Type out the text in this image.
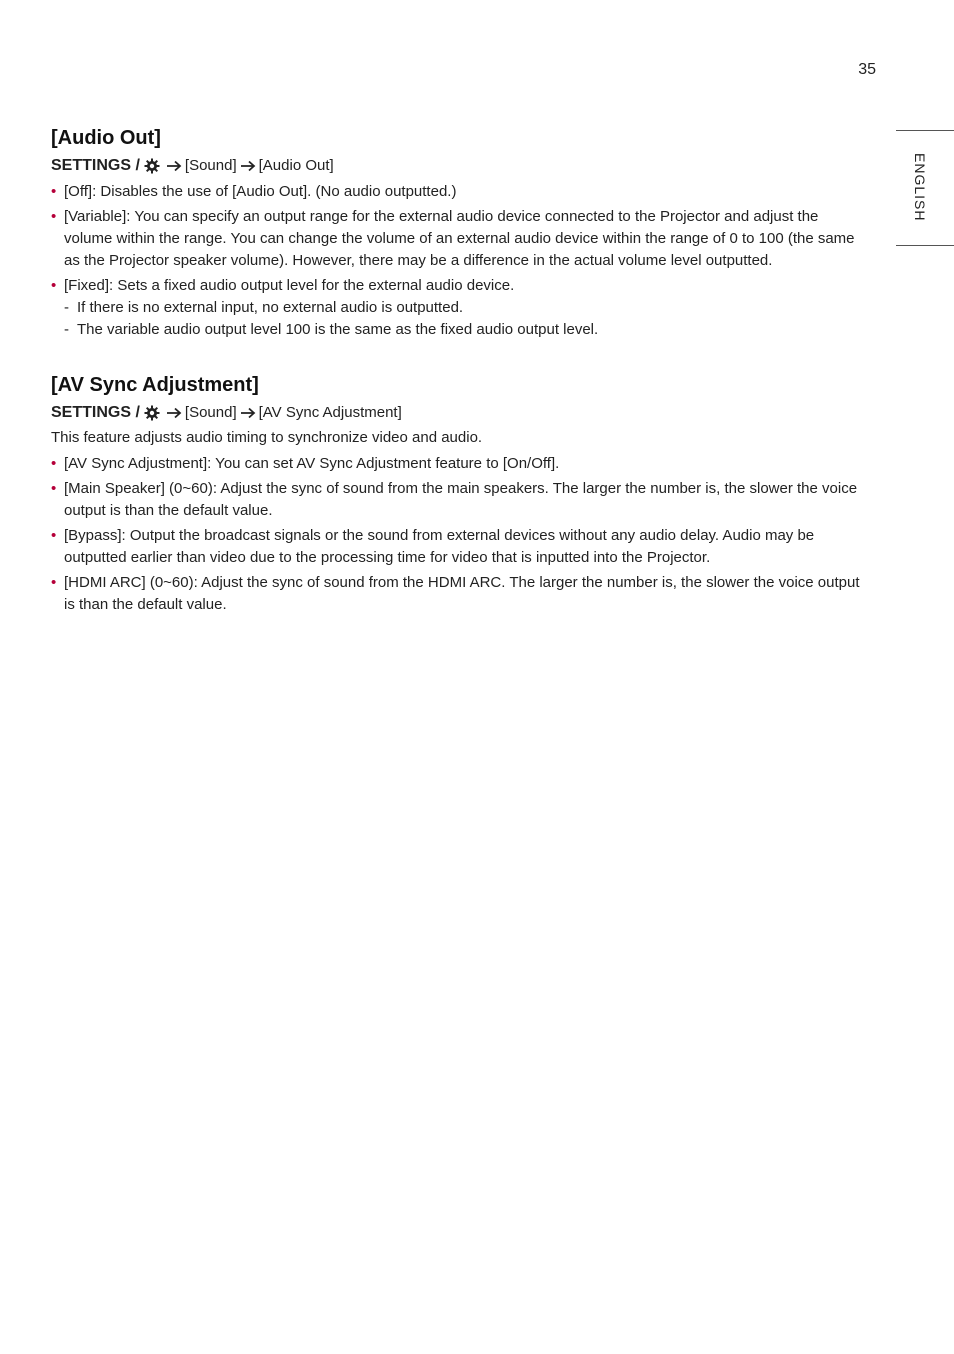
35
ENGLISH
[Audio Out]
SETTINGS /	[Sound] [Audio Out]
• [Off]: Disables the use of [Audio Out]. (No audio outputted.)
• [Variable]: You can specify an output range for the external audio device connected to the Projector and adjust the volume within the range. You can change the volume of an external audio device within the range of 0 to 100 (the same as the Projector speaker volume). However, there may be a difference in the actual volume level outputted.
• [Fixed]: Sets a fixed audio output level for the external audio device.
- If there is no external input, no external audio is outputted.
- The variable audio output level 100 is the same as the fixed audio output level.
[AV Sync Adjustment]
SETTINGS /	[Sound] [AV Sync Adjustment]

This feature adjusts audio timing to synchronize video and audio.

• [AV Sync Adjustment]: You can set AV Sync Adjustment feature to [On/Off].
• [Main Speaker] (0~60): Adjust the sync of sound from the main speakers. The larger the number is, the slower the voice output is than the default value.
• [Bypass]: Output the broadcast signals or the sound from external devices without any audio delay. Audio may be outputted earlier than video due to the processing time for video that is inputted into the Projector.
• [HDMI ARC] (0~60): Adjust the sync of sound from the HDMI ARC. The larger the number is, the slower the voice output is than the default value.
